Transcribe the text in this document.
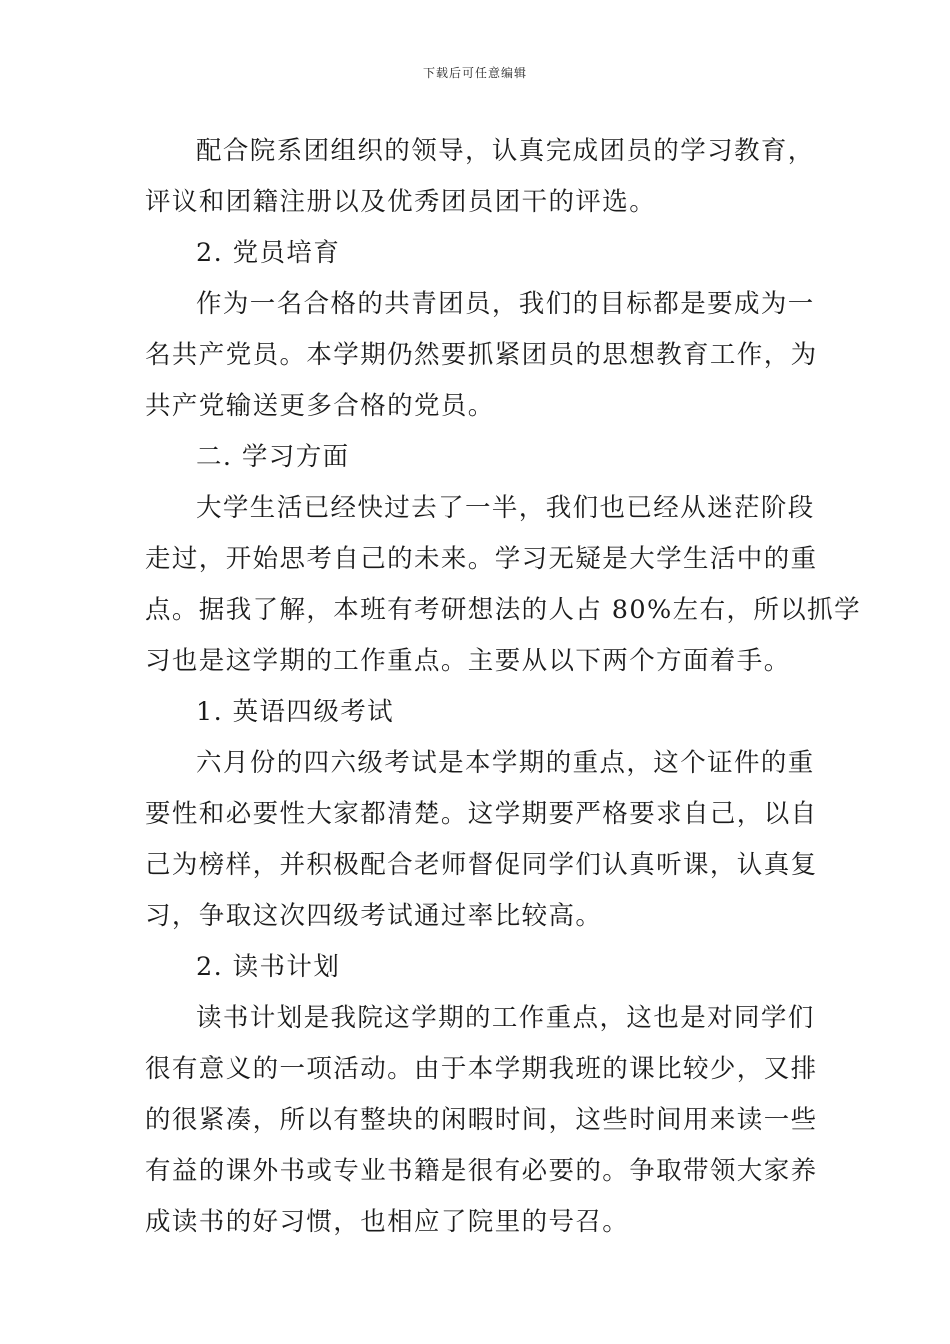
下载后可任意编辑
配合院系团组织的领导，认真完成团员的学习教育，
评议和团籍注册以及优秀团员团干的评选。
2. 党员培育
作为一名合格的共青团员，我们的目标都是要成为一
名共产党员。本学期仍然要抓紧团员的思想教育工作，为
共产党输送更多合格的党员。
二. 学习方面
大学生活已经快过去了一半，我们也已经从迷茫阶段
走过，开始思考自己的未来。学习无疑是大学生活中的重
点。据我了解，本班有考研想法的人占 80%左右，所以抓学
习也是这学期的工作重点。主要从以下两个方面着手。
1. 英语四级考试
六月份的四六级考试是本学期的重点，这个证件的重
要性和必要性大家都清楚。这学期要严格要求自己，以自
己为榜样，并积极配合老师督促同学们认真听课，认真复
习，争取这次四级考试通过率比较高。
2. 读书计划
读书计划是我院这学期的工作重点，这也是对同学们
很有意义的一项活动。由于本学期我班的课比较少，又排
的很紧凑，所以有整块的闲暇时间，这些时间用来读一些
有益的课外书或专业书籍是很有必要的。争取带领大家养
成读书的好习惯，也相应了院里的号召。
